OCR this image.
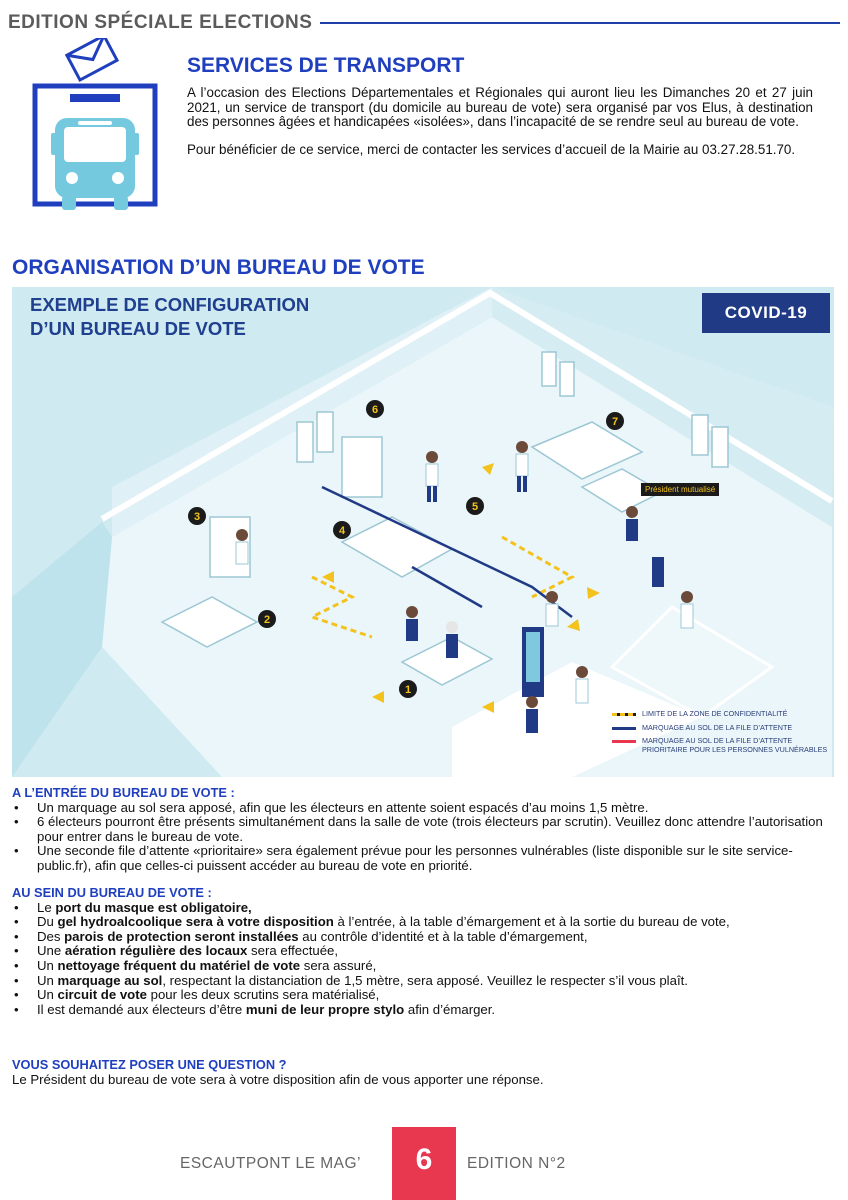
EDITION SPÉCIALE ELECTIONS
SERVICES DE TRANSPORT

A l’occasion des Elections Départementales et Régionales qui auront lieu les Dimanches 20 et 27 juin 2021, un service de transport (du domicile au bureau de vote) sera organisé par vos Elus, à destination des personnes âgées et handicapées «isolées», dans l’incapacité de se rendre seul au bureau de vote.

Pour bénéficier de ce service, merci de contacter les services d’accueil de la Mairie au 03.27.28.51.70.

ORGANISATION D’UN BUREAU DE VOTE
1
2
3
4
5
6
7
EXEMPLE DE CONFIGURATION
D’UN BUREAU DE VOTE
COVID-19
Président mutualisé
LIMITE DE LA ZONE DE CONFIDENTIALITÉ
MARQUAGE AU SOL DE LA FILE D’ATTENTE
MARQUAGE AU SOL DE LA FILE D’ATTENTE PRIORITAIRE POUR LES PERSONNES VULNÉRABLES
A L’ENTRÉE DU BUREAU DE VOTE :
• Un marquage au sol sera apposé, afin que les électeurs en attente soient espacés d’au moins 1,5 mètre.
• 6 électeurs pourront être présents simultanément dans la salle de vote (trois électeurs par scrutin). Veuillez donc attendre l’autorisation pour entrer dans le bureau de vote.
• Une seconde file d’attente «prioritaire» sera également prévue pour les personnes vulnérables (liste disponible sur le site service-public.fr), afin que celles-ci puissent accéder au bureau de vote en priorité.
AU SEIN DU BUREAU DE VOTE :
• Le port du masque est obligatoire,
• Du gel hydroalcoolique sera à votre disposition à l’entrée, à la table d’émargement et à la sortie du bureau de vote,
• Des parois de protection seront installées au contrôle d’identité et à la table d’émargement,
• Une aération régulière des locaux sera effectuée,
• Un nettoyage fréquent du matériel de vote sera assuré,
• Un marquage au sol, respectant la distanciation de 1,5 mètre, sera apposé. Veuillez le respecter s’il vous plaît.
• Un circuit de vote pour les deux scrutins sera matérialisé,
• Il est demandé aux électeurs d’être muni de leur propre stylo afin d’émarger.
VOUS SOUHAITEZ POSER UNE QUESTION ?
Le Président du bureau de vote sera à votre disposition afin de vous apporter une réponse.
ESCAUTPONT LE MAG’	6	EDITION N°2
